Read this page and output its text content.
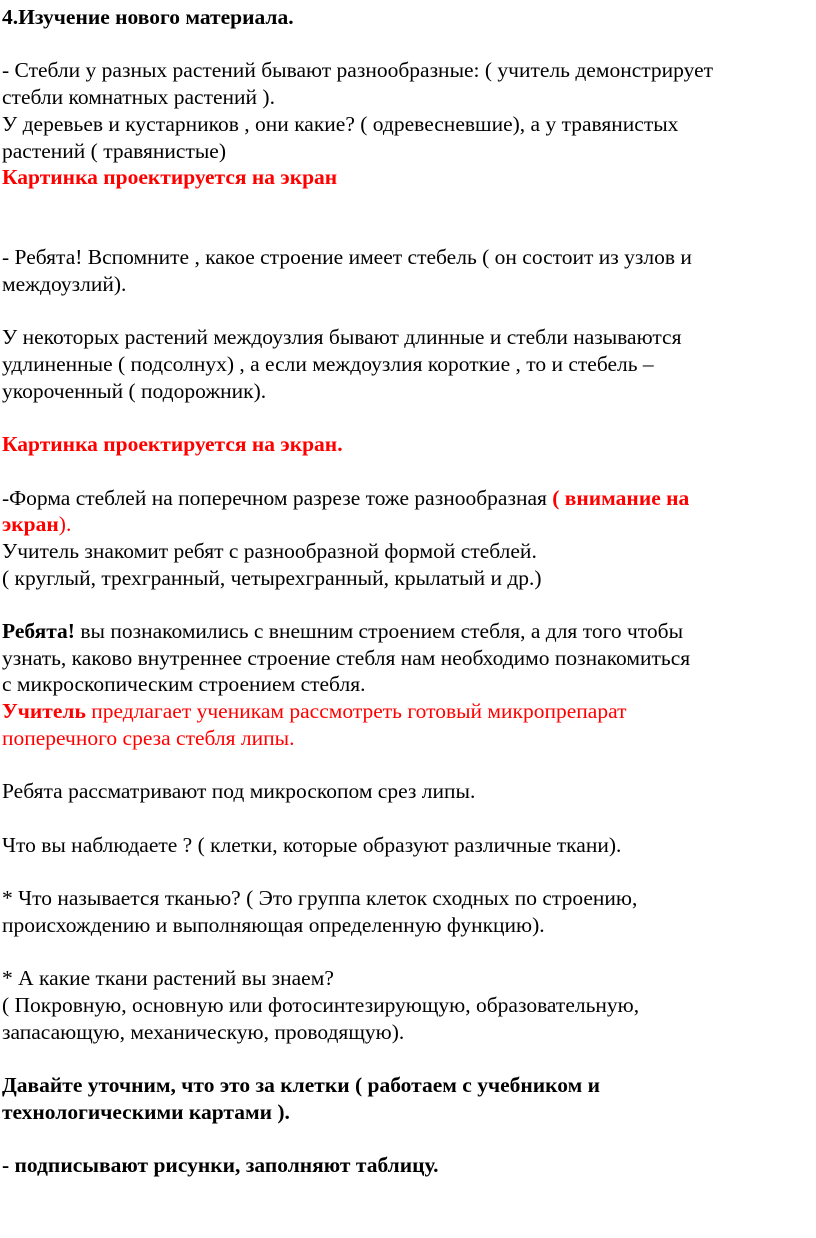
4.Изучение нового материала.

- Стебли у разных растений бывают разнообразные: ( учитель демонстрирует

стебли комнатных растений ).

У деревьев и кустарников , они какие? ( одревесневшие), а у травянистых

растений ( травянистые)

Картинка проектируется на экран

- Ребята! Вспомните , какое строение имеет стебель ( он состоит из узлов и

междоузлий).

У некоторых растений междоузлия бывают длинные и стебли называются

удлиненные ( подсолнух) , а если междоузлия короткие , то и стебель –

укороченный ( подорожник).

Картинка проектируется на экран.

-Форма стеблей на поперечном разрезе тоже разнообразная ( внимание на

экран).

Учитель знакомит ребят с разнообразной формой стеблей.

( круглый, трехгранный, четырехгранный, крылатый и др.)

Ребята! вы познакомились с внешним строением стебля, а для того чтобы

узнать, каково внутреннее строение стебля нам необходимо познакомиться

с микроскопическим строением стебля.

Учитель предлагает ученикам рассмотреть готовый микропрепарат

поперечного среза стебля липы.

Ребята рассматривают под микроскопом срез липы.

Что вы наблюдаете ? ( клетки, которые образуют различные ткани).

* Что называется тканью? ( Это группа клеток сходных по строению,

происхождению и выполняющая определенную функцию).

* А какие ткани растений вы знаем?

( Покровную, основную или фотосинтезирующую, образовательную,

запасающую, механическую, проводящую).

Давайте уточним, что это за клетки ( работаем с учебником и

технологическими картами ).

- подписывают рисунки, заполняют таблицу.
